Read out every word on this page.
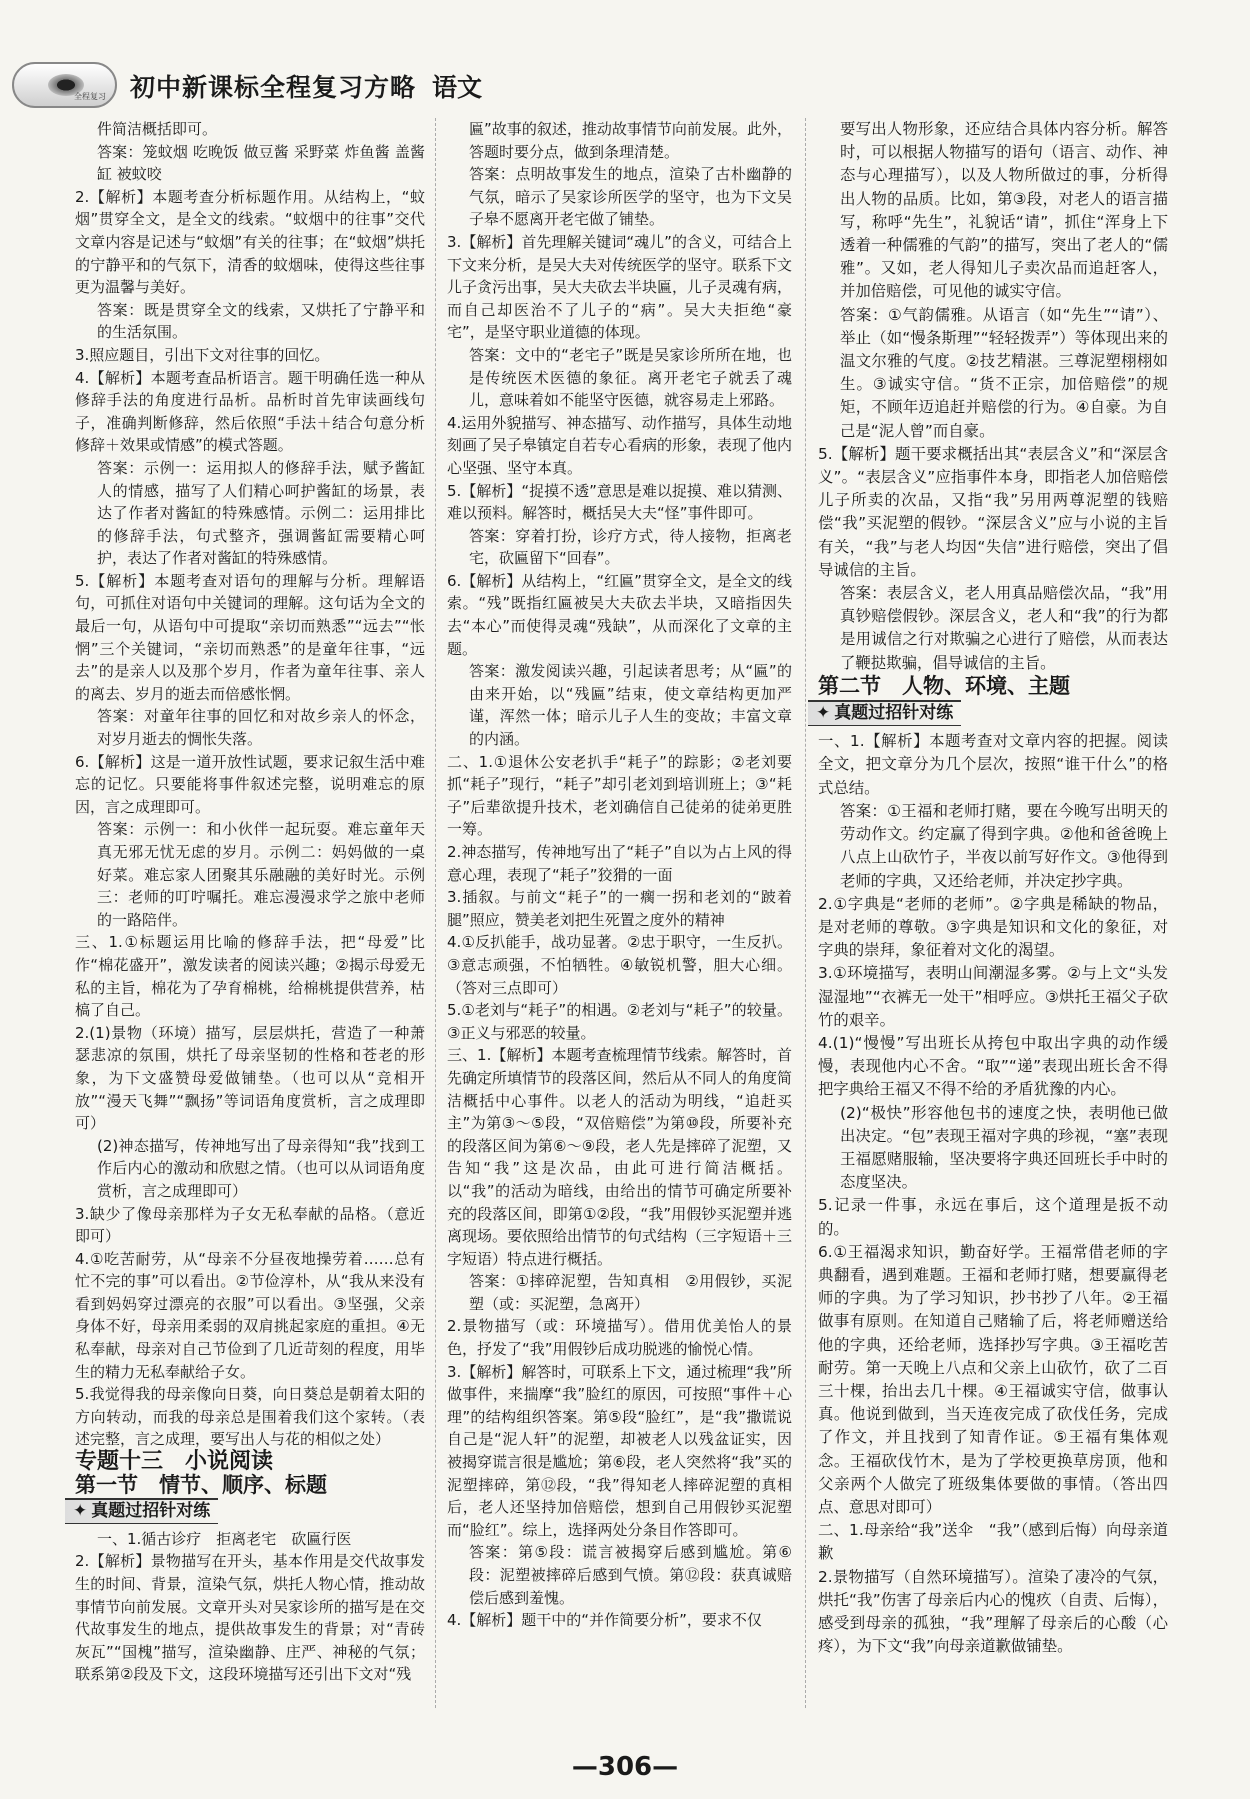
全程复习 初中新课标全程复习方略 语文

件简洁概括即可。

答案：笼蚊烟 吃晚饭 做豆酱 采野菜 炸鱼酱 盖酱缸 被蚊咬

2.【解析】本题考查分析标题作用。从结构上，“蚊烟”贯穿全文，是全文的线索。“蚊烟中的往事”交代文章内容是记述与“蚊烟”有关的往事；在“蚊烟”烘托的宁静平和的气氛下，清香的蚊烟味，使得这些往事更为温馨与美好。

答案：既是贯穿全文的线索，又烘托了宁静平和的生活氛围。

3.照应题目，引出下文对往事的回忆。

4.【解析】本题考查品析语言。题干明确任选一种从修辞手法的角度进行品析。品析时首先审读画线句子，准确判断修辞，然后依照“手法＋结合句意分析修辞＋效果或情感”的模式答题。

答案：示例一：运用拟人的修辞手法，赋予酱缸人的情感，描写了人们精心呵护酱缸的场景，表达了作者对酱缸的特殊感情。示例二：运用排比的修辞手法，句式整齐，强调酱缸需要精心呵护，表达了作者对酱缸的特殊感情。

5.【解析】本题考查对语句的理解与分析。理解语句，可抓住对语句中关键词的理解。这句话为全文的最后一句，从语句中可提取“亲切而熟悉”“远去”“怅惘”三个关键词，“亲切而熟悉”的是童年往事，“远去”的是亲人以及那个岁月，作者为童年往事、亲人的离去、岁月的逝去而倍感怅惘。

答案：对童年往事的回忆和对故乡亲人的怀念，对岁月逝去的惆怅失落。

6.【解析】这是一道开放性试题，要求记叙生活中难忘的记忆。只要能将事件叙述完整，说明难忘的原因，言之成理即可。

答案：示例一：和小伙伴一起玩耍。难忘童年天真无邪无忧无虑的岁月。示例二：妈妈做的一桌好菜。难忘家人团聚其乐融融的美好时光。示例三：老师的叮咛嘱托。难忘漫漫求学之旅中老师的一路陪伴。

三、1.①标题运用比喻的修辞手法，把“母爱”比作“棉花盛开”，激发读者的阅读兴趣；②揭示母爱无私的主旨，棉花为了孕育棉桃，给棉桃提供营养，枯槁了自己。

2.(1)景物（环境）描写，层层烘托，营造了一种萧瑟悲凉的氛围，烘托了母亲坚韧的性格和苍老的形象，为下文盛赞母爱做铺垫。（也可以从“竞相开放”“漫天飞舞”“飘扬”等词语角度赏析，言之成理即可）

(2)神态描写，传神地写出了母亲得知“我”找到工作后内心的激动和欣慰之情。（也可以从词语角度赏析，言之成理即可）

3.缺少了像母亲那样为子女无私奉献的品格。（意近即可）

4.①吃苦耐劳，从“母亲不分昼夜地操劳着……总有忙不完的事”可以看出。②节俭淳朴，从“我从来没有看到妈妈穿过漂亮的衣服”可以看出。③坚强，父亲身体不好，母亲用柔弱的双肩挑起家庭的重担。④无私奉献，母亲对自己节俭到了几近苛刻的程度，用毕生的精力无私奉献给子女。

5.我觉得我的母亲像向日葵，向日葵总是朝着太阳的方向转动，而我的母亲总是围着我们这个家转。（表述完整，言之成理，要写出人与花的相似之处）

专题十三　小说阅读

第一节　情节、顺序、标题

✦ 真题过招针对练

一、1.循古诊疗　拒离老宅　砍匾行医

2.【解析】景物描写在开头，基本作用是交代故事发生的时间、背景，渲染气氛，烘托人物心情，推动故事情节向前发展。文章开头对吴家诊所的描写是在交代故事发生的地点，提供故事发生的背景；对“青砖灰瓦”“国槐”描写，渲染幽静、庄严、神秘的气氛；联系第②段及下文，这段环境描写还引出下文对“残

匾”故事的叙述，推动故事情节向前发展。此外，答题时要分点，做到条理清楚。

答案：点明故事发生的地点，渲染了古朴幽静的气氛，暗示了吴家诊所医学的坚守，也为下文吴子皋不愿离开老宅做了铺垫。

3.【解析】首先理解关键词“魂儿”的含义，可结合上下文来分析，是吴大夫对传统医学的坚守。联系下文儿子贪污出事，吴大夫砍去半块匾，儿子灵魂有病，而自己却医治不了儿子的“病”。吴大夫拒绝“豪宅”，是坚守职业道德的体现。

答案：文中的“老宅子”既是吴家诊所所在地，也是传统医术医德的象征。离开老宅子就丢了魂儿，意味着如不能坚守医德，就容易走上邪路。

4.运用外貌描写、神态描写、动作描写，具体生动地刻画了吴子皋镇定自若专心看病的形象，表现了他内心坚强、坚守本真。

5.【解析】“捉摸不透”意思是难以捉摸、难以猜测、难以预料。解答时，概括吴大夫“怪”事件即可。

答案：穿着打扮，诊疗方式，待人接物，拒离老宅，砍匾留下“回春”。

6.【解析】从结构上，“红匾”贯穿全文，是全文的线索。“残”既指红匾被吴大夫砍去半块，又暗指因失去“本心”而使得灵魂“残缺”，从而深化了文章的主题。

答案：激发阅读兴趣，引起读者思考；从“匾”的由来开始，以“残匾”结束，使文章结构更加严谨，浑然一体；暗示儿子人生的变故；丰富文章的内涵。

二、1.①退休公安老扒手“耗子”的踪影；②老刘要抓“耗子”现行，“耗子”却引老刘到培训班上；③“耗子”后辈欲提升技术，老刘确信自己徒弟的徒弟更胜一筹。

2.神态描写，传神地写出了“耗子”自以为占上风的得意心理，表现了“耗子”狡猾的一面

3.插叙。与前文“耗子”的一瘸一拐和老刘的“跛着腿”照应，赞美老刘把生死置之度外的精神

4.①反扒能手，战功显著。②忠于职守，一生反扒。③意志顽强，不怕牺牲。④敏锐机警，胆大心细。（答对三点即可）

5.①老刘与“耗子”的相遇。②老刘与“耗子”的较量。③正义与邪恶的较量。

三、1.【解析】本题考查梳理情节线索。解答时，首先确定所填情节的段落区间，然后从不同人的角度简洁概括中心事件。以老人的活动为明线，“追赶买主”为第③～⑤段，“双倍赔偿”为第⑩段，所要补充的段落区间为第⑥～⑨段，老人先是摔碎了泥塑，又告知“我”这是次品，由此可进行简洁概括。以“我”的活动为暗线，由给出的情节可确定所要补充的段落区间，即第①②段，“我”用假钞买泥塑并逃离现场。要依照给出情节的句式结构（三字短语＋三字短语）特点进行概括。

答案：①摔碎泥塑，告知真相　②用假钞，买泥塑（或：买泥塑，急离开）

2.景物描写（或：环境描写）。借用优美怡人的景色，抒发了“我”用假钞后成功脱逃的愉悦心情。

3.【解析】解答时，可联系上下文，通过梳理“我”所做事件，来揣摩“我”脸红的原因，可按照“事件＋心理”的结构组织答案。第⑤段“脸红”，是“我”撒谎说自己是“泥人轩”的泥塑，却被老人以残盆证实，因被揭穿谎言很是尴尬；第⑥段，老人突然将“我”买的泥塑摔碎，第⑫段，“我”得知老人摔碎泥塑的真相后，老人还坚持加倍赔偿，想到自己用假钞买泥塑而“脸红”。综上，选择两处分条目作答即可。

答案：第⑤段：谎言被揭穿后感到尴尬。第⑥段：泥塑被摔碎后感到气愤。第⑫段：获真诚赔偿后感到羞愧。

4.【解析】题干中的“并作简要分析”，要求不仅

要写出人物形象，还应结合具体内容分析。解答时，可以根据人物描写的语句（语言、动作、神态与心理描写），以及人物所做过的事，分析得出人物的品质。比如，第③段，对老人的语言描写，称呼“先生”，礼貌话“请”，抓住“浑身上下透着一种儒雅的气韵”的描写，突出了老人的“儒雅”。又如，老人得知儿子卖次品而追赶客人，并加倍赔偿，可见他的诚实守信。

答案：①气韵儒雅。从语言（如“先生”“请”）、举止（如“慢条斯理”“轻轻拨弄”）等体现出来的温文尔雅的气度。②技艺精湛。三尊泥塑栩栩如生。③诚实守信。“货不正宗，加倍赔偿”的规矩，不顾年迈追赶并赔偿的行为。④自豪。为自己是“泥人曾”而自豪。

5.【解析】题干要求概括出其“表层含义”和“深层含义”。“表层含义”应指事件本身，即指老人加倍赔偿儿子所卖的次品，又指“我”另用两尊泥塑的钱赔偿“我”买泥塑的假钞。“深层含义”应与小说的主旨有关，“我”与老人均因“失信”进行赔偿，突出了倡导诚信的主旨。

答案：表层含义，老人用真品赔偿次品，“我”用真钞赔偿假钞。深层含义，老人和“我”的行为都是用诚信之行对欺骗之心进行了赔偿，从而表达了鞭挞欺骗，倡导诚信的主旨。

第二节　人物、环境、主题

✦ 真题过招针对练

一、1.【解析】本题考查对文章内容的把握。阅读全文，把文章分为几个层次，按照“谁干什么”的格式总结。

答案：①王福和老师打赌，要在今晚写出明天的劳动作文。约定赢了得到字典。②他和爸爸晚上八点上山砍竹子，半夜以前写好作文。③他得到老师的字典，又还给老师，并决定抄字典。

2.①字典是“老师的老师”。②字典是稀缺的物品，是对老师的尊敬。③字典是知识和文化的象征，对字典的崇拜，象征着对文化的渴望。

3.①环境描写，表明山间潮湿多雾。②与上文“头发湿湿地”“衣裤无一处干”相呼应。③烘托王福父子砍竹的艰辛。

4.(1)“慢慢”写出班长从挎包中取出字典的动作缓慢，表现他内心不舍。“取”“递”表现出班长舍不得把字典给王福又不得不给的矛盾犹豫的内心。

(2)“极快”形容他包书的速度之快，表明他已做出决定。“包”表现王福对字典的珍视，“塞”表现王福愿赌服输，坚决要将字典还回班长手中时的态度坚决。

5.记录一件事，永远在事后，这个道理是扳不动的。

6.①王福渴求知识，勤奋好学。王福常借老师的字典翻看，遇到难题。王福和老师打赌，想要赢得老师的字典。为了学习知识，抄书抄了八年。②王福做事有原则。在知道自己赌输了后，将老师赠送给他的字典，还给老师，选择抄写字典。③王福吃苦耐劳。第一天晚上八点和父亲上山砍竹，砍了二百三十棵，抬出去几十棵。④王福诚实守信，做事认真。他说到做到，当天连夜完成了砍伐任务，完成了作文，并且找到了知青作证。⑤王福有集体观念。王福砍伐竹木，是为了学校更换草房顶，他和父亲两个人做完了班级集体要做的事情。（答出四点、意思对即可）

二、1.母亲给“我”送伞　“我”（感到后悔）向母亲道歉

2.景物描写（自然环境描写）。渲染了凄冷的气氛，烘托“我”伤害了母亲后内心的愧疚（自责、后悔），感受到母亲的孤独，“我”理解了母亲后的心酸（心疼），为下文“我”向母亲道歉做铺垫。

—306—
